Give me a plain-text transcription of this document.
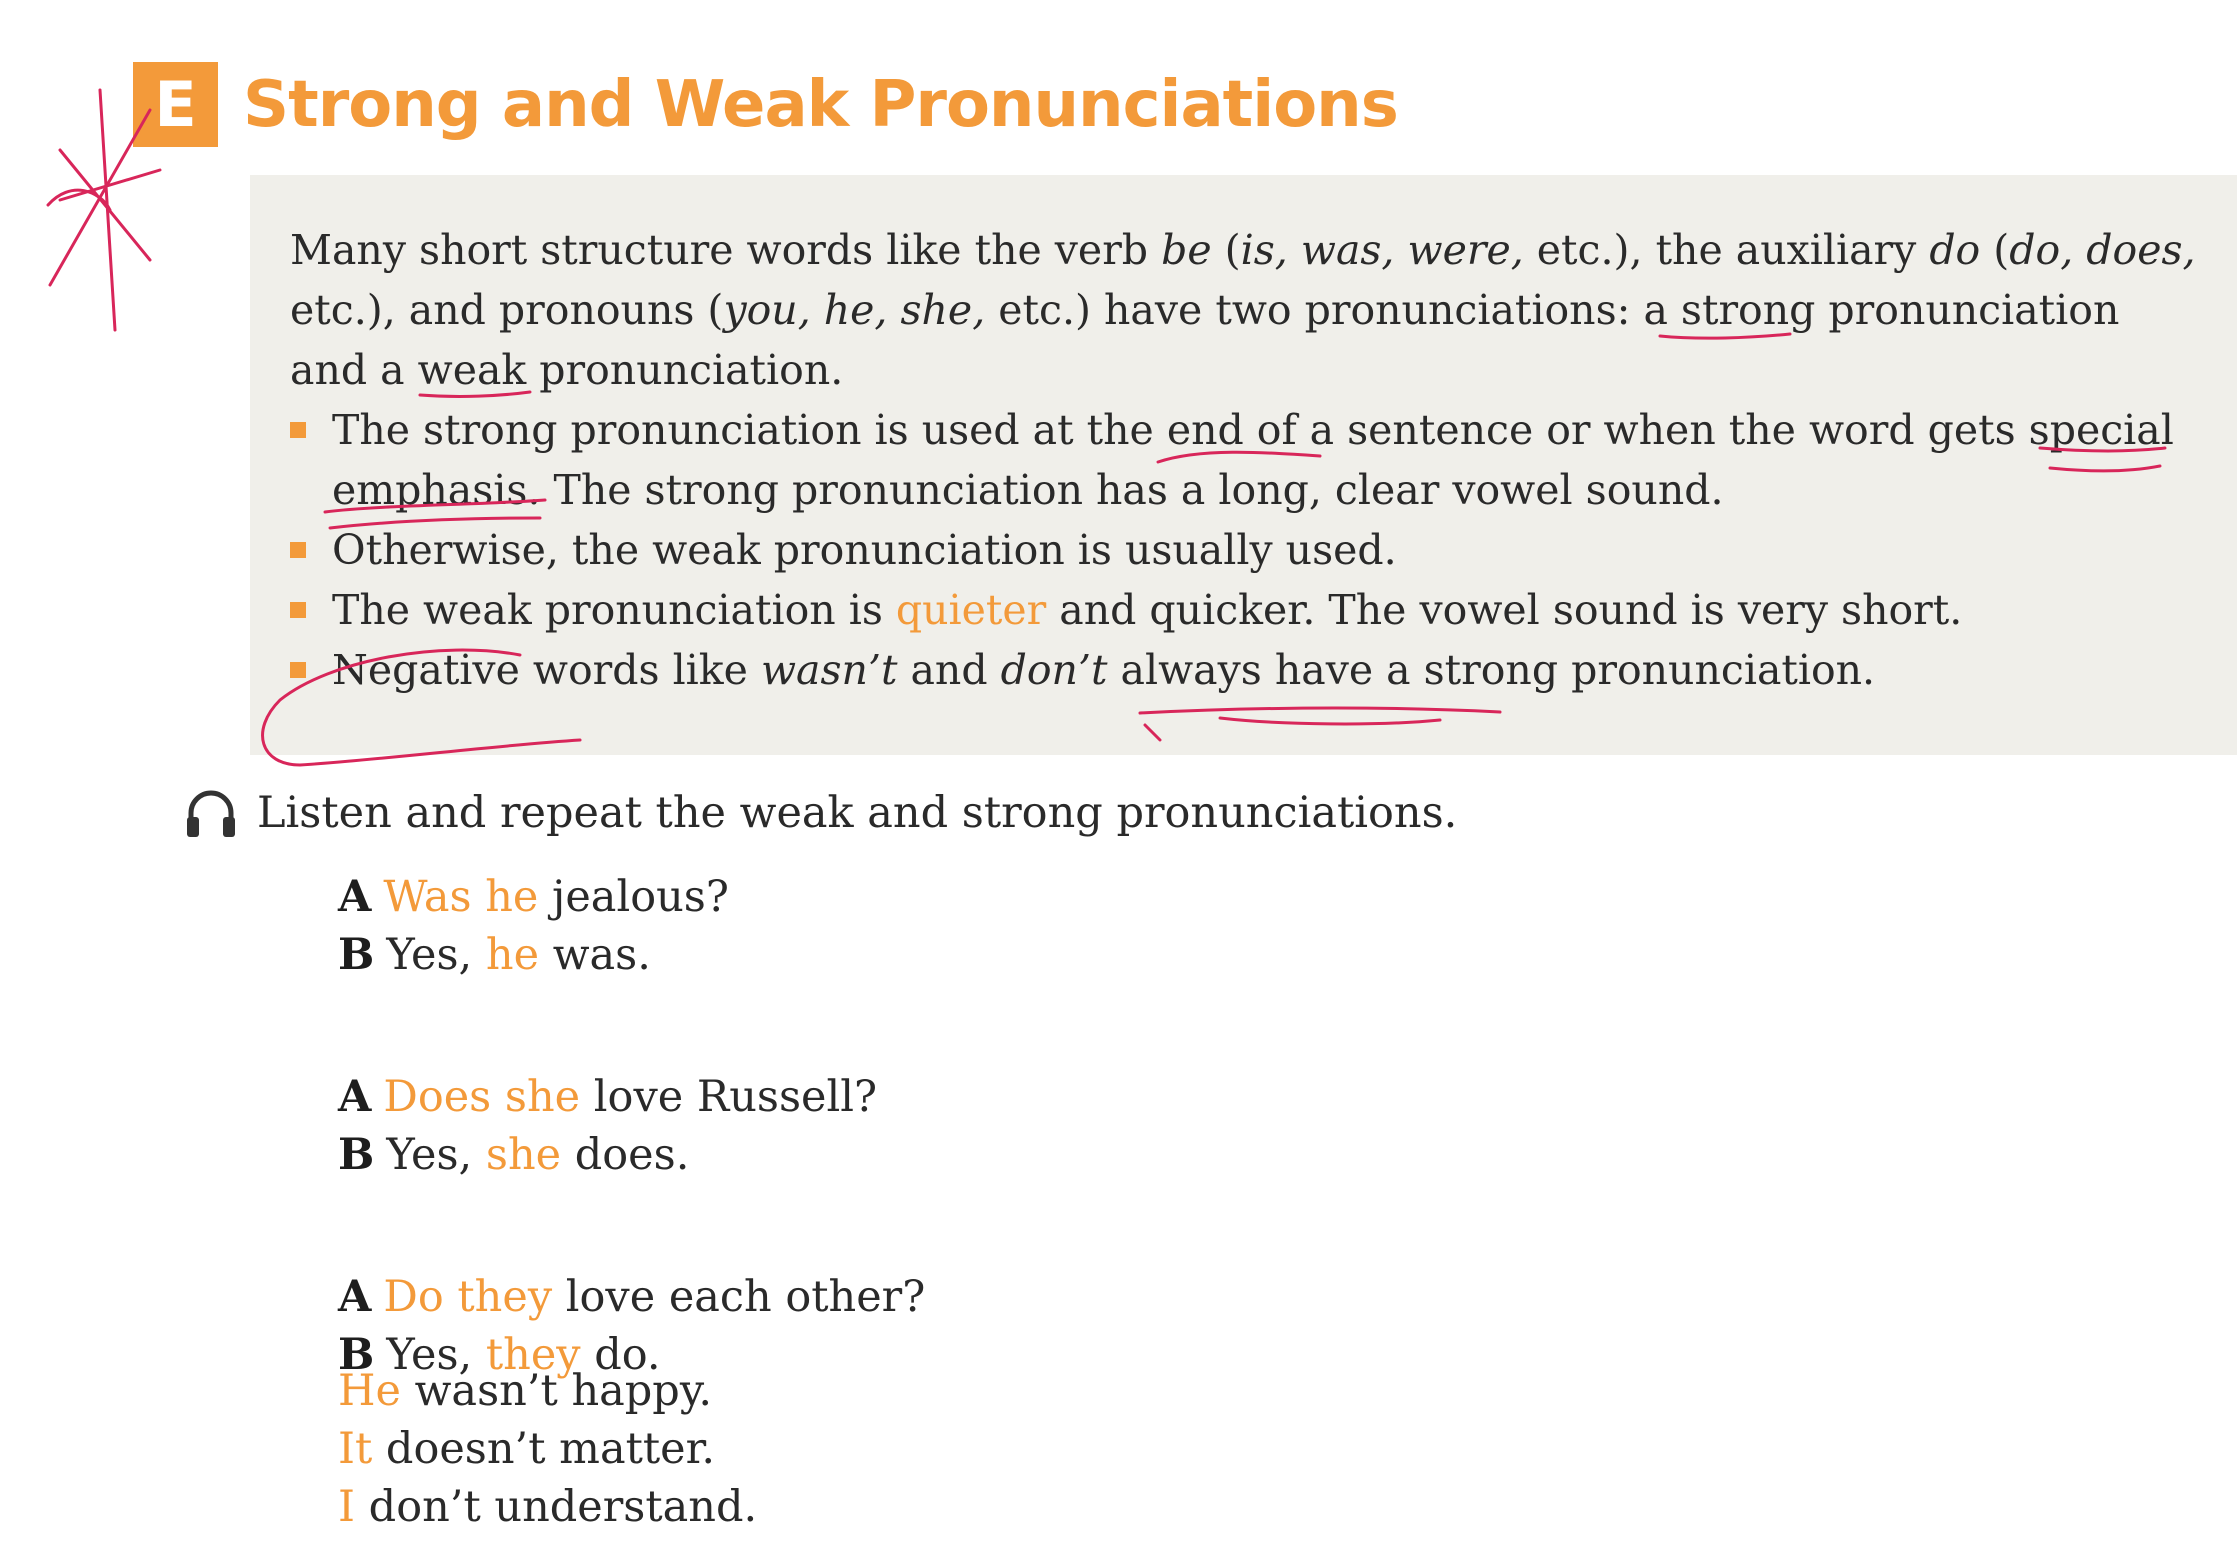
E Strong and Weak Pronunciations
Many short structure words like the verb be (is, was, were, etc.), the auxiliary do (do, does,
etc.), and pronouns (you, he, she, etc.) have two pronunciations: a strong pronunciation
and a weak pronunciation.
The strong pronunciation is used at the end of a sentence or when the word gets special
emphasis. The strong pronunciation has a long, clear vowel sound.
Otherwise, the weak pronunciation is usually used.
The weak pronunciation is quieter and quicker. The vowel sound is very short.
Negative words like wasn’t and don’t always have a strong pronunciation.
Listen and repeat the weak and strong pronunciations.
A Was he jealous?
B Yes, he was.
A Does she love Russell?
B Yes, she does.
A Do they love each other?
B Yes, they do.
He wasn’t happy.
It doesn’t matter.
I don’t understand.
